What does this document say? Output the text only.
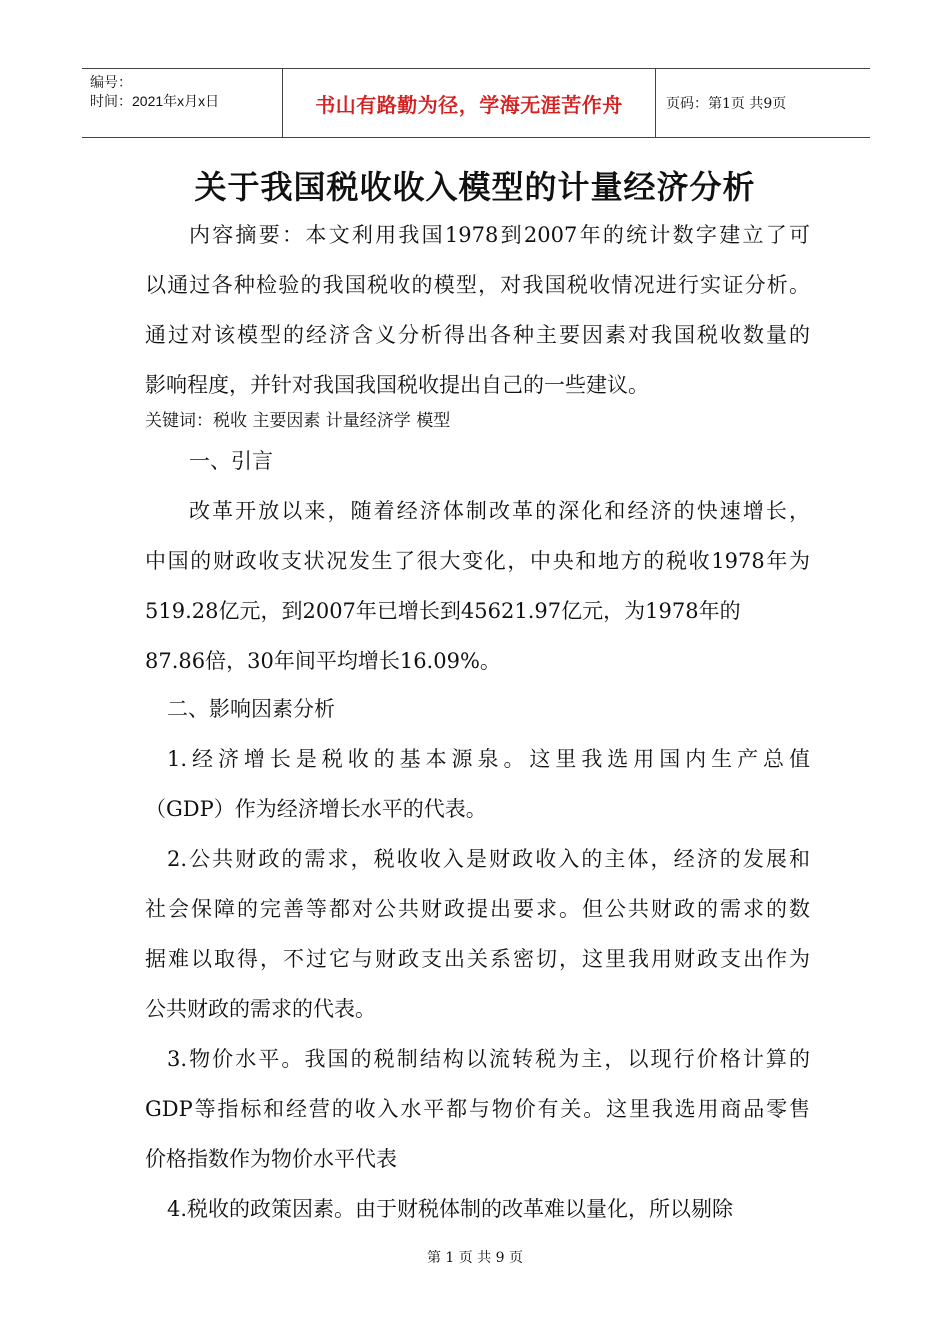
编号：
时间：2021年x月x日	书山有路勤为径，学海无涯苦作舟	页码：第1页 共9页
关于我国税收收入模型的计量经济分析
内容摘要：本文利用我国1978到2007年的统计数字建立了可
以通过各种检验的我国税收的模型，对我国税收情况进行实证分析。
通过对该模型的经济含义分析得出各种主要因素对我国税收数量的
影响程度，并针对我国我国税收提出自己的一些建议。
关键词：税收 主要因素 计量经济学 模型
一、引言
改革开放以来，随着经济体制改革的深化和经济的快速增长，
中国的财政收支状况发生了很大变化，中央和地方的税收1978年为
519.28亿元，到2007年已增长到45621.97亿元，为1978年的
87.86倍，30年间平均增长16.09%。
二、影响因素分析
1.经济增长是税收的基本源泉。这里我选用国内生产总值
（GDP）作为经济增长水平的代表。
2.公共财政的需求，税收收入是财政收入的主体，经济的发展和
社会保障的完善等都对公共财政提出要求。但公共财政的需求的数
据难以取得，不过它与财政支出关系密切，这里我用财政支出作为
公共财政的需求的代表。
3.物价水平。我国的税制结构以流转税为主，以现行价格计算的
GDP等指标和经营的收入水平都与物价有关。这里我选用商品零售
价格指数作为物价水平代表
4.税收的政策因素。由于财税体制的改革难以量化，所以剔除
第 1 页 共 9 页
